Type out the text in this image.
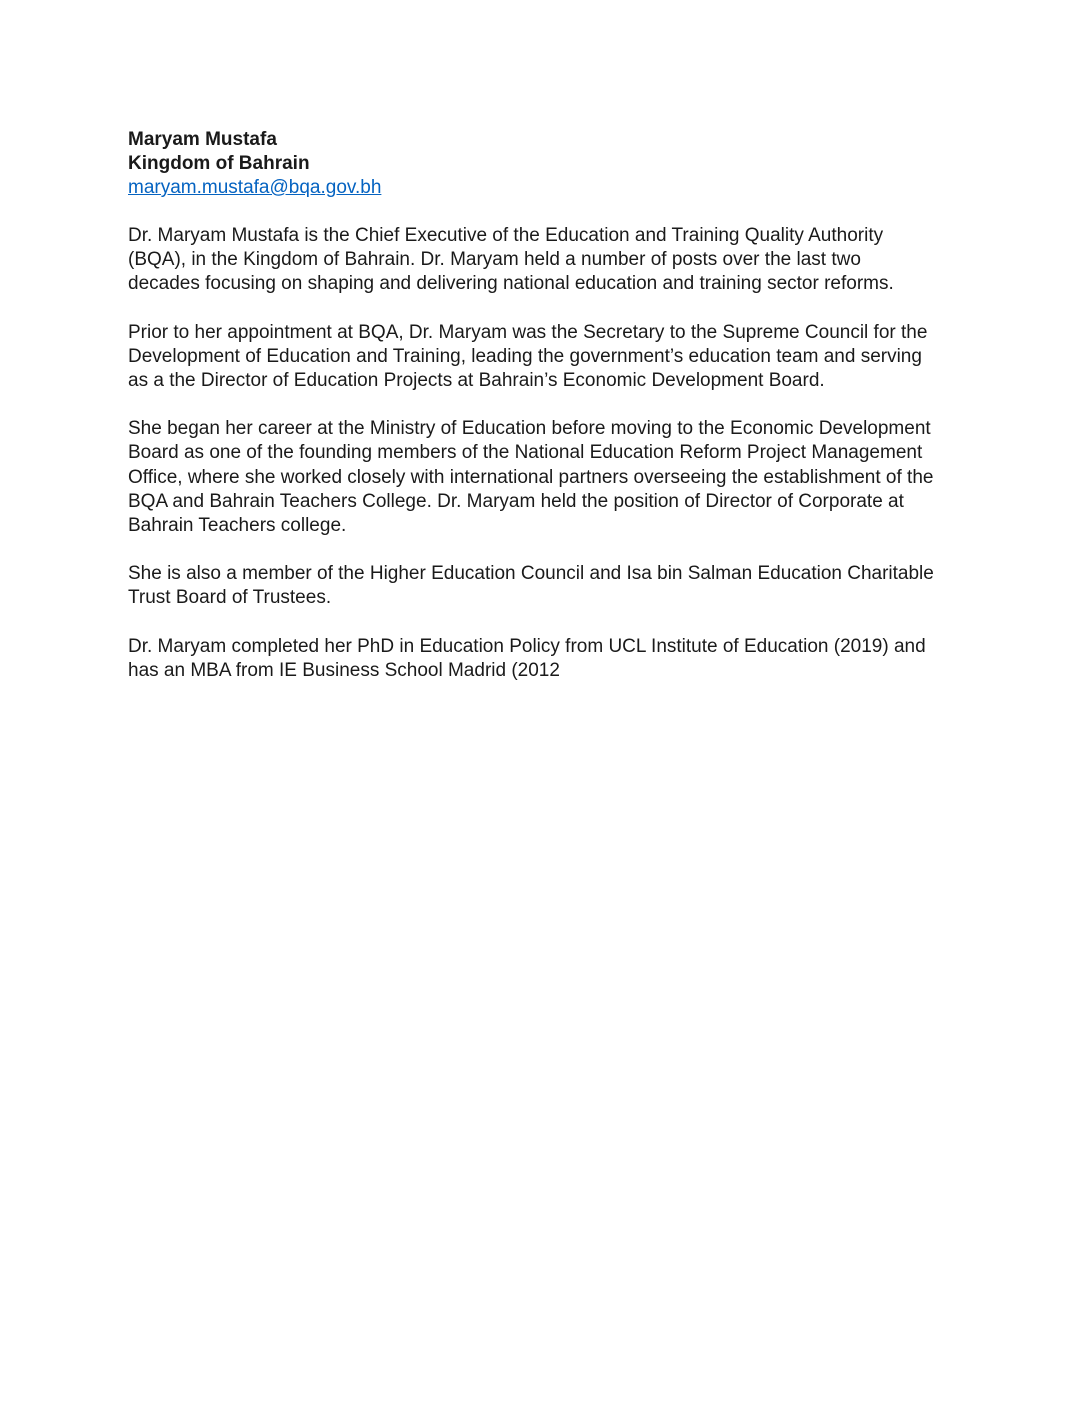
Maryam Mustafa

Kingdom of Bahrain

maryam.mustafa@bqa.gov.bh
Dr. Maryam Mustafa is the Chief Executive of the Education and Training Quality Authority
(BQA), in the Kingdom of Bahrain. Dr. Maryam held a number of posts over the last two
decades focusing on shaping and delivering national education and training sector reforms.
Prior to her appointment at BQA, Dr. Maryam was the Secretary to the Supreme Council for the
Development of Education and Training, leading the government’s education team and serving
as a the Director of Education Projects at Bahrain’s Economic Development Board.
She began her career at the Ministry of Education before moving to the Economic Development
Board as one of the founding members of the National Education Reform Project Management
Office, where she worked closely with international partners overseeing the establishment of the
BQA and Bahrain Teachers College. Dr. Maryam held the position of Director of Corporate at
Bahrain Teachers college.
She is also a member of the Higher Education Council and Isa bin Salman Education Charitable
Trust Board of Trustees.
Dr. Maryam completed her PhD in Education Policy from UCL Institute of Education (2019) and
has an MBA from IE Business School Madrid (2012
